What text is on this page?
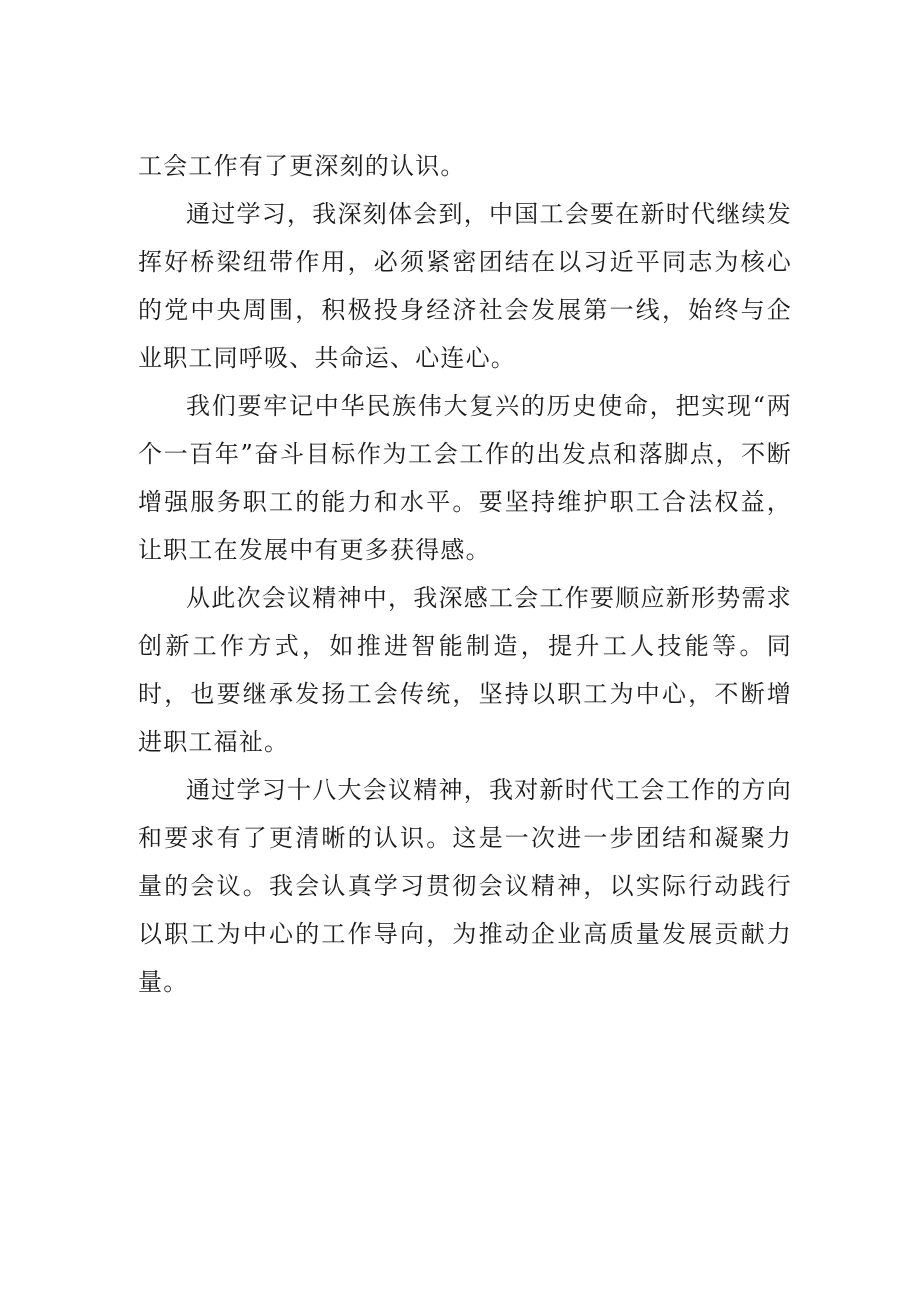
工会工作有了更深刻的认识。

通过学习，我深刻体会到，中国工会要在新时代继续发挥好桥梁纽带作用，必须紧密团结在以习近平同志为核心的党中央周围，积极投身经济社会发展第一线，始终与企业职工同呼吸、共命运、心连心。

我们要牢记中华民族伟大复兴的历史使命，把实现“两个一百年”奋斗目标作为工会工作的出发点和落脚点，不断增强服务职工的能力和水平。要坚持维护职工合法权益，让职工在发展中有更多获得感。

从此次会议精神中，我深感工会工作要顺应新形势需求创新工作方式，如推进智能制造，提升工人技能等。同时，也要继承发扬工会传统，坚持以职工为中心，不断增进职工福祉。

通过学习十八大会议精神，我对新时代工会工作的方向和要求有了更清晰的认识。这是一次进一步团结和凝聚力量的会议。我会认真学习贯彻会议精神，以实际行动践行以职工为中心的工作导向，为推动企业高质量发展贡献力量。
